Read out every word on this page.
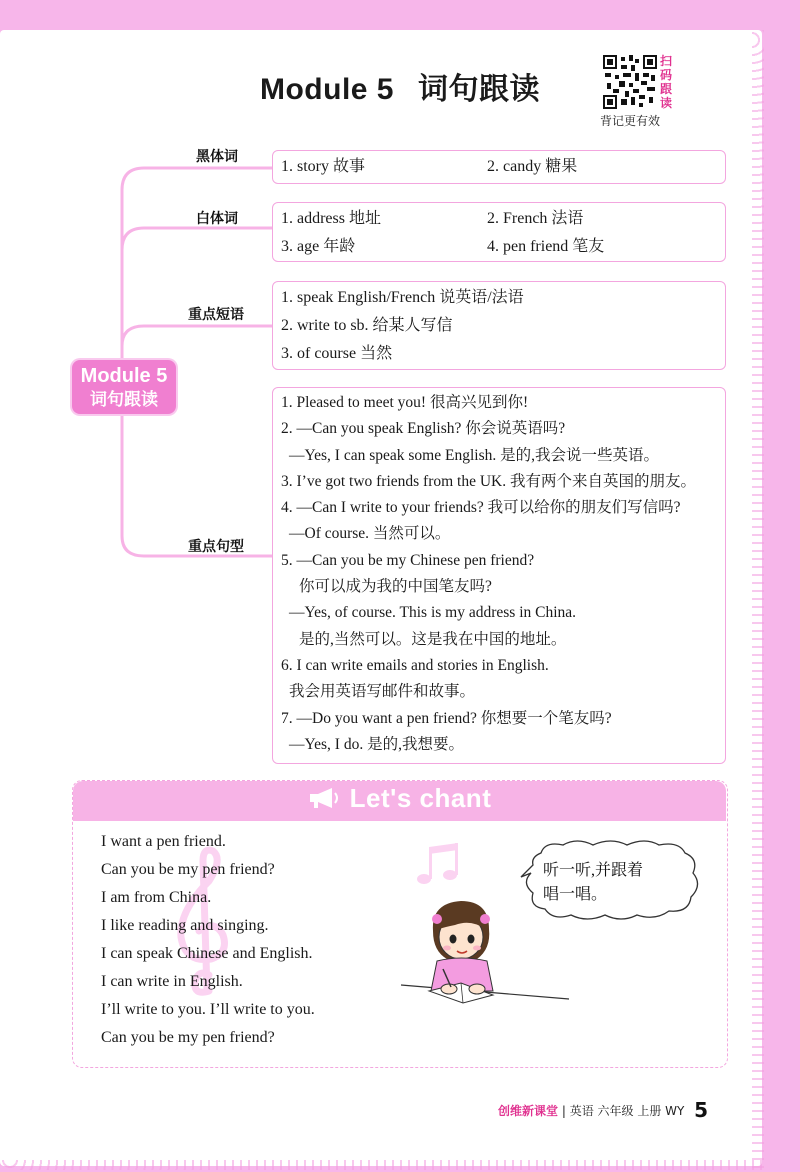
Module 5 词句跟读
扫
码
跟
读
背记更有效
Module 5
词句跟读
黑体词
白体词
重点短语
重点句型
1. story 故事	2. candy 糖果
1. address 地址	2. French 法语
3. age 年龄	4. pen friend 笔友
1. speak English/French 说英语/法语
2. write to sb. 给某人写信
3. of course 当然
1. Pleased to meet you! 很高兴见到你!
2. —Can you speak English? 你会说英语吗?
—Yes, I can speak some English. 是的,我会说一些英语。
3. I’ve got two friends from the UK. 我有两个来自英国的朋友。
4. —Can I write to your friends? 我可以给你的朋友们写信吗?
—Of course. 当然可以。
5. —Can you be my Chinese pen friend?
你可以成为我的中国笔友吗?
—Yes, of course. This is my address in China.
是的,当然可以。这是我在中国的地址。
6. I can write emails and stories in English.
我会用英语写邮件和故事。
7. —Do you want a pen friend? 你想要一个笔友吗?
—Yes, I do. 是的,我想要。
Let's chant
I want a pen friend.
Can you be my pen friend?
I am from China.
I like reading and singing.
I can speak Chinese and English.
I can write in English.
I’ll write to you. I’ll write to you.
Can you be my pen friend?
听一听,并跟着
唱一唱。
创维新课堂 | 英语 六年级 上册 WY 5
